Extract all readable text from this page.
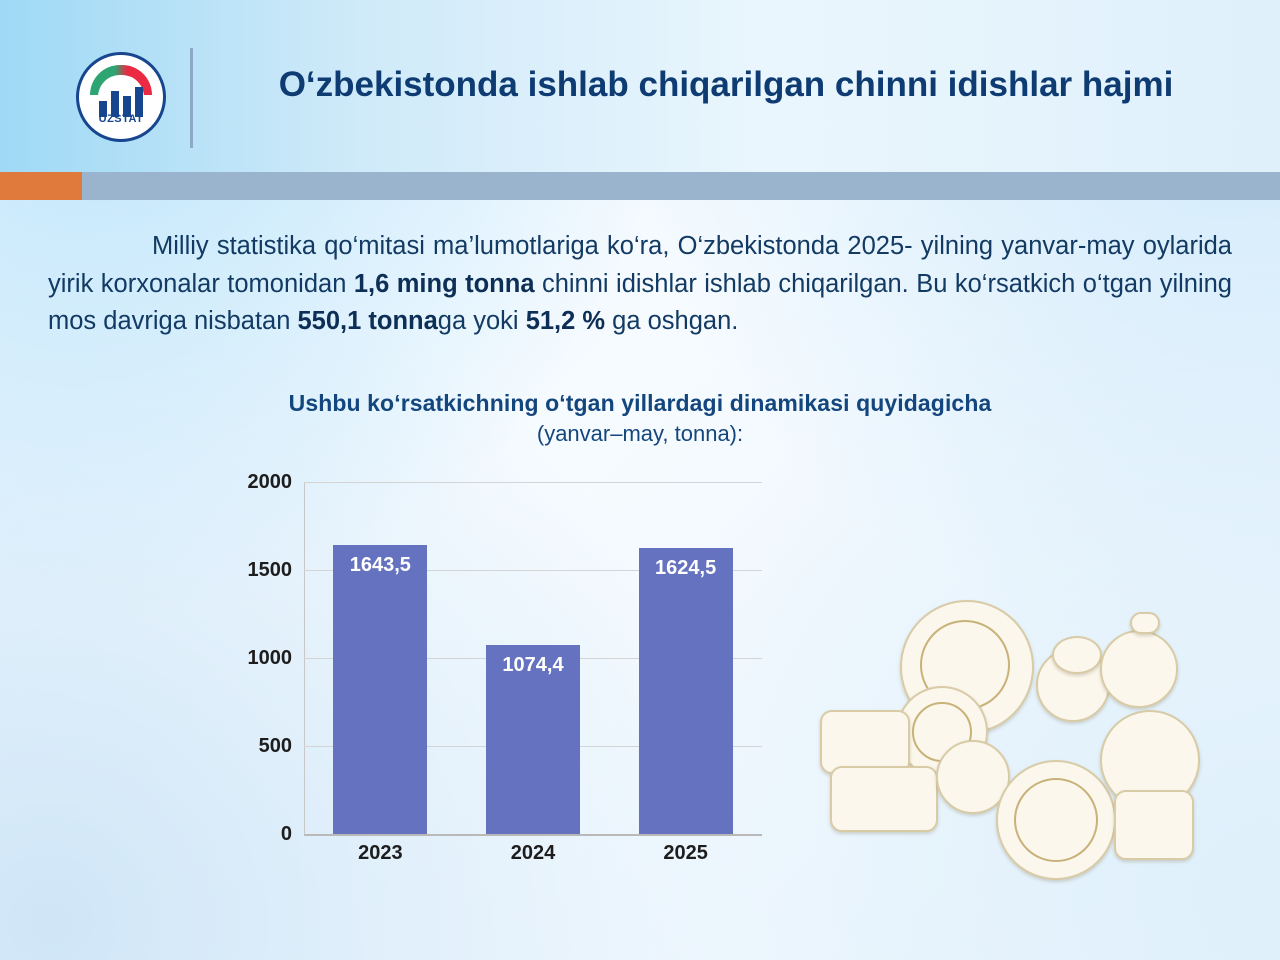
UZSTAT
O‘zbekistonda ishlab chiqarilgan chinni idishlar hajmi
Milliy statistika qo‘mitasi ma’lumotlariga ko‘ra, O‘zbekistonda 2025- yilning yanvar-may oylarida yirik korxonalar tomonidan 1,6 ming tonna chinni idishlar ishlab chiqarilgan. Bu ko‘rsatkich o‘tgan yilning mos davriga nisbatan 550,1 tonnaga yoki 51,2 % ga oshgan.
Ushbu ko‘rsatkichning o‘tgan yillardagi dinamikasi quyidagicha
(yanvar–may, tonna):
2000
1500
1000
500
0
1643,5
1074,4
1624,5
2023	2024	2025
